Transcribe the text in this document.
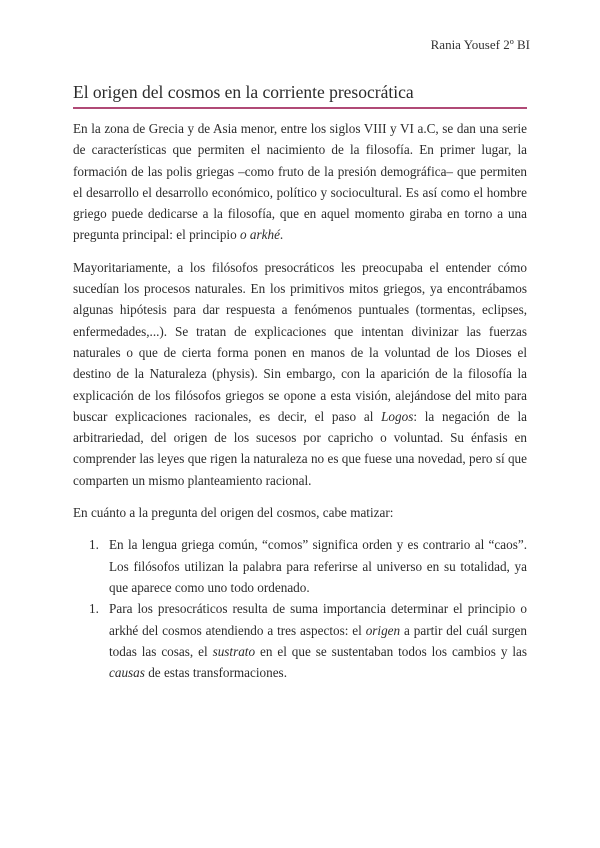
Rania Yousef 2º BI
El origen del cosmos en la corriente presocrática

En la zona de Grecia y de Asia menor, entre los siglos VIII y VI a.C, se dan una serie de características que permiten el nacimiento de la filosofía. En primer lugar, la formación de las polis griegas –como fruto de la presión demográfica– que permiten el desarrollo el desarrollo económico, político y sociocultural. Es así como el hombre griego puede dedicarse a la filosofía, que en aquel momento giraba en torno a una pregunta principal: el principio o arkhé.

Mayoritariamente, a los filósofos presocráticos les preocupaba el entender cómo sucedían los procesos naturales. En los primitivos mitos griegos, ya encontrábamos algunas hipótesis para dar respuesta a fenómenos puntuales (tormentas, eclipses, enfermedades,...). Se tratan de explicaciones que intentan divinizar las fuerzas naturales o que de cierta forma ponen en manos de la voluntad de los Dioses el destino de la Naturaleza (physis). Sin embargo, con la aparición de la filosofía la explicación de los filósofos griegos se opone a esta visión, alejándose del mito para buscar explicaciones racionales, es decir, el paso al Logos: la negación de la arbitrariedad, del origen de los sucesos por capricho o voluntad. Su énfasis en comprender las leyes que rigen la naturaleza no es que fuese una novedad, pero sí que comparten un mismo planteamiento racional.

En cuánto a la pregunta del origen del cosmos, cabe matizar:

1. En la lengua griega común, “comos” significa orden y es contrario al “caos”. Los filósofos utilizan la palabra para referirse al universo en su totalidad, ya que aparece como uno todo ordenado.
1. Para los presocráticos resulta de suma importancia determinar el principio o arkhé del cosmos atendiendo a tres aspectos: el origen a partir del cuál surgen todas las cosas, el sustrato en el que se sustentaban todos los cambios y las causas de estas transformaciones.
